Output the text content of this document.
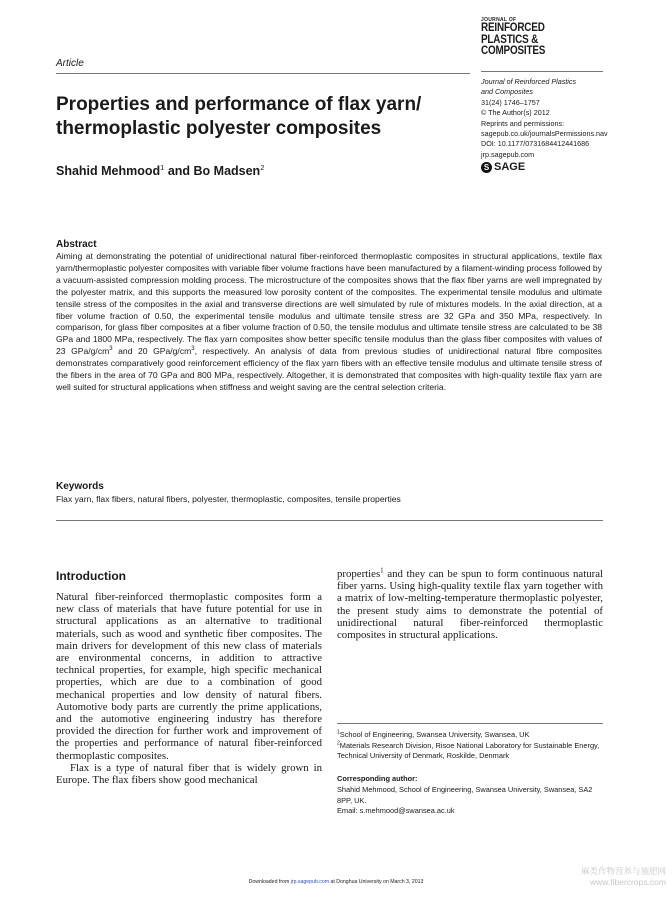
Article
JOURNAL OF
REINFORCED
PLASTICS &
COMPOSITES
Journal of Reinforced Plastics
and Composites
31(24) 1746–1757
© The Author(s) 2012
Reprints and permissions:
sagepub.co.uk/journalsPermissions.nav
DOI: 10.1177/0731684412441686
jrp.sagepub.com
S SAGE
Properties and performance of flax yarn/ thermoplastic polyester composites
Shahid Mehmood$^1$ and Bo Madsen$^2$
Abstract
Aiming at demonstrating the potential of unidirectional natural fiber-reinforced thermoplastic composites in structural applications, textile flax yarn/thermoplastic polyester composites with variable fiber volume fractions have been manufactured by a filament-winding process followed by a vacuum-assisted compression molding process. The microstructure of the composites shows that the flax fiber yarns are well impregnated by the polyester matrix, and this supports the measured low porosity content of the composites. The experimental tensile modulus and ultimate tensile stress of the composites in the axial and transverse directions are well simulated by rule of mixtures models. In the axial direction, at a fiber volume fraction of 0.50, the experimental tensile modulus and ultimate tensile stress are 32 GPa and 350 MPa, respectively. In comparison, for glass fiber composites at a fiber volume fraction of 0.50, the tensile modulus and ultimate tensile stress are calculated to be 38 GPa and 1800 MPa, respectively. The flax yarn composites show better specific tensile modulus than the glass fiber composites with values of 23 GPa/$g/cm^3$ and 20 GPa/$g/cm^3$, respectively. An analysis of data from previous studies of unidirectional natural fibre composites demonstrates comparatively good reinforcement efficiency of the flax yarn fibers with an effective tensile modulus and ultimate tensile stress of the fibers in the area of 70 GPa and 800 MPa, respectively. Altogether, it is demonstrated that composites with high-quality textile flax yarn are well suited for structural applications when stiffness and weight saving are the central selection criteria.
Keywords
Flax yarn, flax fibers, natural fibers, polyester, thermoplastic, composites, tensile properties
Introduction

Natural fiber-reinforced thermoplastic composites form a new class of materials that have future potential for use in structural applications as an alternative to traditional materials, such as wood and synthetic fiber composites. The main drivers for development of this new class of materials are environmental concerns, in addition to attractive technical properties, for example, high specific mechanical properties, which are due to a combination of good mechanical properties and low density of natural fibers. Automotive body parts are currently the prime applications, and the automotive engineering industry has therefore provided the direction for further work and improvement of the properties and performance of natural fiber-reinforced thermoplastic composites.

Flax is a type of natural fiber that is widely grown in Europe. The flax fibers show good mechanical

properties$^1$ and they can be spun to form continuous natural fiber yarns. Using high-quality textile flax yarn together with a matrix of low-melting-temperature thermoplastic polyester, the present study aims to demonstrate the potential of unidirectional natural fiber-reinforced thermoplastic composites in structural applications.

$^1$School of Engineering, Swansea University, Swansea, UK
$^2$Materials Research Division, Risoe National Laboratory for Sustainable Energy, Technical University of Denmark, Roskilde, Denmark
Corresponding author:
Shahid Mehmood, School of Engineering, Swansea University, Swansea, SA2 8PP, UK.
Email: s.mehmood@swansea.ac.uk
Downloaded from jrp.sagepub.com at Donghua University on March 3, 2013
麻类作物营养与施肥网
www.fibercrops.com
